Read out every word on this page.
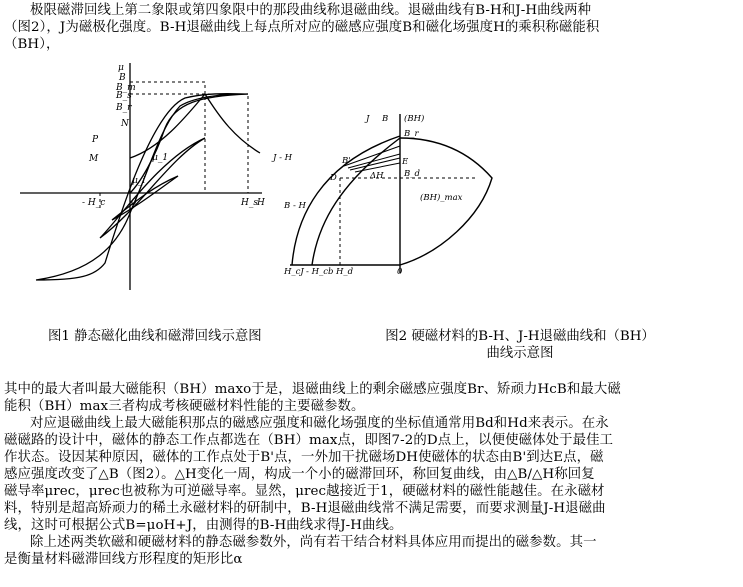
极限磁滞回线上第二象限或第四象限中的那段曲线称退磁曲线。退磁曲线有B-H和J-H曲线两种
（图2），J为磁极化强度。B-H退磁曲线上每点所对应的磁感应强度B和磁化场强度H的乘积称磁能积
（BH），
μ
B
B_m
B_s
B_r
P
N
M	μ_1
μ_i
- H_c	0	H_s H
图1 静态磁化曲线和磁滞回线示意图
J B (BH)
J - H
B - H
B'
D
E
ΔH
B_r
B_d
(BH)_max
H_cJ - H_cb H_d	0
图2 硬磁材料的B-H、J-H退磁曲线和（BH）
曲线示意图
其中的最大者叫最大磁能积（BH）maxo于是，退磁曲线上的剩余磁感应强度Br、矫顽力HcB和最大磁
能积（BH）max三者构成考核硬磁材料性能的主要磁参数。
对应退磁曲线上最大磁能积那点的磁感应强度和磁化场强度的坐标值通常用Bd和Hd来表示。在永
磁磁路的设计中，磁体的静态工作点都选在（BH）max点，即图7-2的D点上，以便使磁体处于最佳工
作状态。设因某种原因，磁体的工作点处于B'点，一外加干扰磁场DH使磁体的状态由B'到达E点，磁
感应强度改变了△B（图2）。△H变化一周，构成一个小的磁滞回环，称回复曲线，由△B/△H称回复
磁导率μrec，μrec也被称为可逆磁导率。显然，μrec越接近于1，硬磁材料的磁性能越佳。在永磁材
料，特别是超高矫顽力的稀土永磁材料的研制中，B-H退磁曲线常不满足需要，而要求测量J-H退磁曲
线，这时可根据公式B=μoH+J，由测得的B-H曲线求得J-H曲线。
除上述两类软磁和硬磁材料的静态磁参数外，尚有若干结合材料具体应用而提出的磁参数。其一
是衡量材料磁滞回线方形程度的矩形比α
